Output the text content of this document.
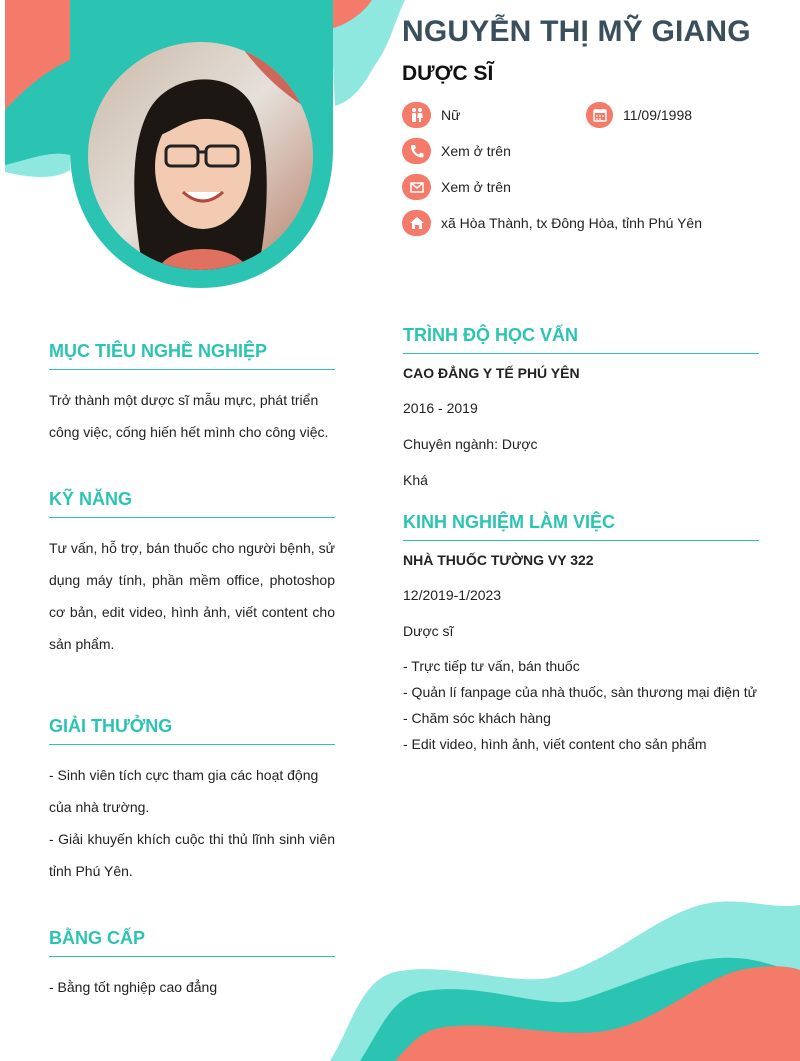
NGUYỄN THỊ MỸ GIANG
DƯỢC SĨ
Nữ	11/09/1998
Xem ở trên
Xem ở trên
xã Hòa Thành, tx Đông Hòa, tỉnh Phú Yên
MỤC TIÊU NGHỀ NGHIỆP

Trở thành một dược sĩ mẫu mực, phát triển công việc, cống hiến hết mình cho công việc.

KỸ NĂNG

Tư vấn, hỗ trợ, bán thuốc cho người bệnh, sử dụng máy tính, phần mềm office, photoshop cơ bản, edit video, hình ảnh, viết content cho sản phẩm.

GIẢI THƯỞNG

- Sinh viên tích cực tham gia các hoạt động của nhà trường.

- Giải khuyến khích cuộc thi thủ lĩnh sinh viên tỉnh Phú Yên.

BẰNG CẤP

- Bằng tốt nghiệp cao đẳng

TRÌNH ĐỘ HỌC VẤN

CAO ĐẲNG Y TẾ PHÚ YÊN

2016 - 2019

Chuyên ngành: Dược

Khá

KINH NGHIỆM LÀM VIỆC

NHÀ THUỐC TƯỜNG VY 322

12/2019-1/2023

Dược sĩ

- Trực tiếp tư vấn, bán thuốc
- Quản lí fanpage của nhà thuốc, sàn thương mại điện tử
- Chăm sóc khách hàng
- Edit video, hình ảnh, viết content cho sản phẩm
